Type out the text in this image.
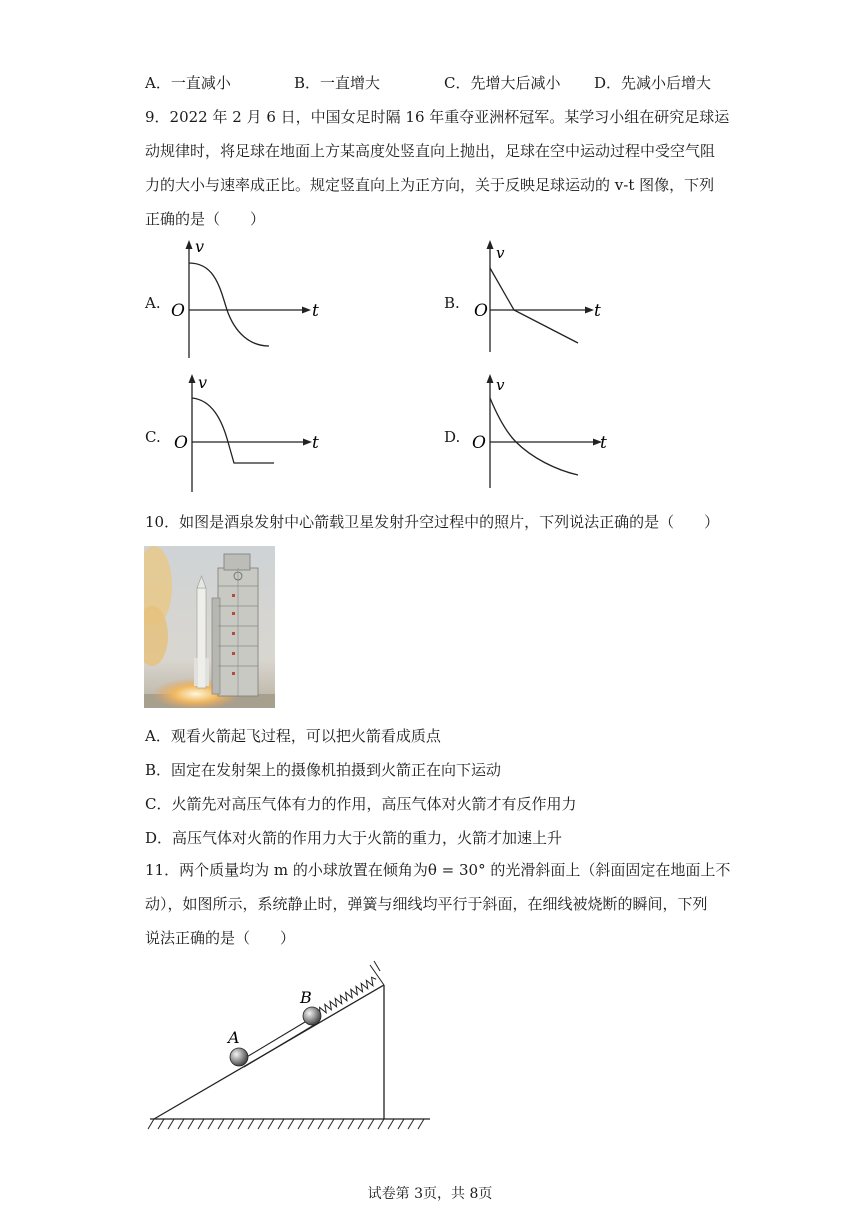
A．一直减小	B．一直增大	C．先增大后减小 D．先减小后增大
9．2022 年 2 月 6 日，中国女足时隔 16 年重夺亚洲杯冠军。某学习小组在研究足球运
动规律时，将足球在地面上方某高度处竖直向上抛出，足球在空中运动过程中受空气阻
力的大小与速率成正比。规定竖直向上为正方向，关于反映足球运动的 v-t 图像，下列
正确的是（　　）
A.
v
t
O	B.
v
t
O
C.
v
t
O	D.
v
t
O
10．如图是酒泉发射中心箭载卫星发射升空过程中的照片，下列说法正确的是（　　）
A．观看火箭起飞过程，可以把火箭看成质点
B．固定在发射架上的摄像机拍摄到火箭正在向下运动
C．火箭先对高压气体有力的作用，高压气体对火箭才有反作用力
D．高压气体对火箭的作用力大于火箭的重力，火箭才加速上升
11．两个质量均为 m 的小球放置在倾角为θ = 30° 的光滑斜面上（斜面固定在地面上不
动），如图所示，系统静止时，弹簧与细线均平行于斜面，在细线被烧断的瞬间，下列
说法正确的是（　　）
A
B
试卷第 3页，共 8页
